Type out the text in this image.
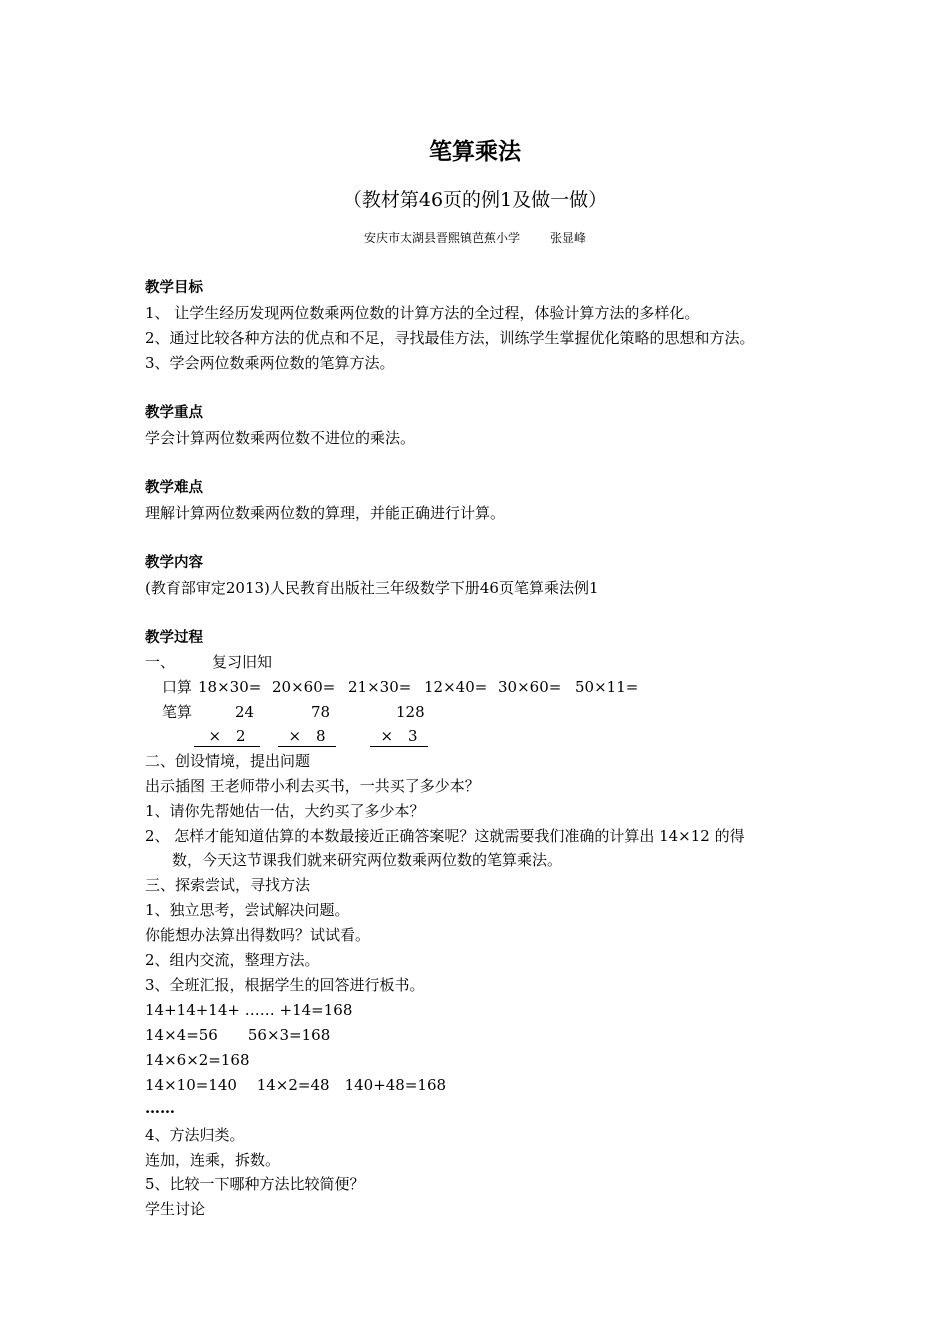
笔算乘法
（教材第46页的例1及做一做）
安庆市太湖县晋熙镇芭蕉小学	张显峰
教学目标
1、 让学生经历发现两位数乘两位数的计算方法的全过程，体验计算方法的多样化。
2、通过比较各种方法的优点和不足，寻找最佳方法，训练学生掌握优化策略的思想和方法。
3、学会两位数乘两位数的笔算方法。
教学重点
学会计算两位数乘两位数不进位的乘法。
教学难点
理解计算两位数乘两位数的算理，并能正确进行计算。
教学内容
(教育部审定2013)人民教育出版社三年级数学下册46页笔算乘法例1
教学过程
一、 复习旧知
口算 18×30= 20×60= 21×30= 12×40= 30×60= 50×11=
笔算	24	78	128
×　2	×　8	×　3
二、创设情境，提出问题
出示插图 王老师带小利去买书，一共买了多少本？
1、请你先帮她估一估，大约买了多少本？
2、 怎样才能知道估算的本数最接近正确答案呢？这就需要我们准确的计算出 14×12 的得
数，今天这节课我们就来研究两位数乘两位数的笔算乘法。
三、探索尝试，寻找方法
1、独立思考，尝试解决问题。
你能想办法算出得数吗？试试看。
2、组内交流，整理方法。
3、全班汇报，根据学生的回答进行板书。
14+14+14+ …… +14=168
14×4=56　　56×3=168
14×6×2=168
14×10=140　 14×2=48　140+48=168
……
4、方法归类。
连加，连乘，拆数。
5、比较一下哪种方法比较简便？
学生讨论
